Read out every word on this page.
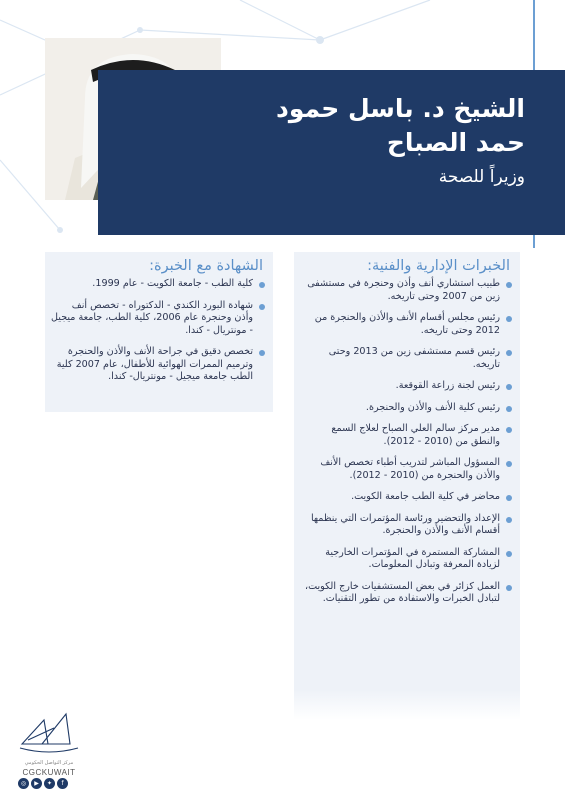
الشيخ د. باسل حمود
حمد الصباح
وزيراً للصحة
الشهادة مع الخبرة:
كلية الطب - جامعة الكويت - عام 1999.
شهادة البورد الكندي - الدكتوراه - تخصص أنف وأذن وحنجرة عام 2006، كلية الطب، جامعة ميجيل - مونتريال - كندا.
تخصص دقيق في جراحة الأنف والأذن والحنجرة وترميم الممرات الهوائية للأطفال، عام 2007 كلية الطب جامعة ميجيل - مونتريال- كندا.
الخبرات الإدارية والفنية:
طبيب استشاري أنف وأذن وحنجرة في مستشفى زين من 2007 وحتى تاريخه.
رئيس مجلس أقسام الأنف والأذن والحنجرة من 2012 وحتى تاريخه.
رئيس قسم مستشفى زين من 2013 وحتى تاريخه.
رئيس لجنة زراعة القوقعة.
رئيس كلية الأنف والأذن والحنجرة.
مدير مركز سالم العلي الصباح لعلاج السمع والنطق من (2010 - 2012).
المسؤول المباشر لتدريب أطباء تخصص الأنف والأذن والحنجرة من (2010 - 2012).
محاضر في كلية الطب جامعة الكويت.
الإعداد والتحضير ورئاسة المؤتمرات التي ينظمها أقسام الأنف والأذن والحنجرة.
المشاركة المستمرة في المؤتمرات الخارجية لزيادة المعرفة وتبادل المعلومات.
العمل كزائر في بعض المستشفيات خارج الكويت، لتبادل الخبرات والاستفادة من تطور التقنيات.
مركز التواصل الحكومي
CGCKUWAIT
◎	▶	✦	f
